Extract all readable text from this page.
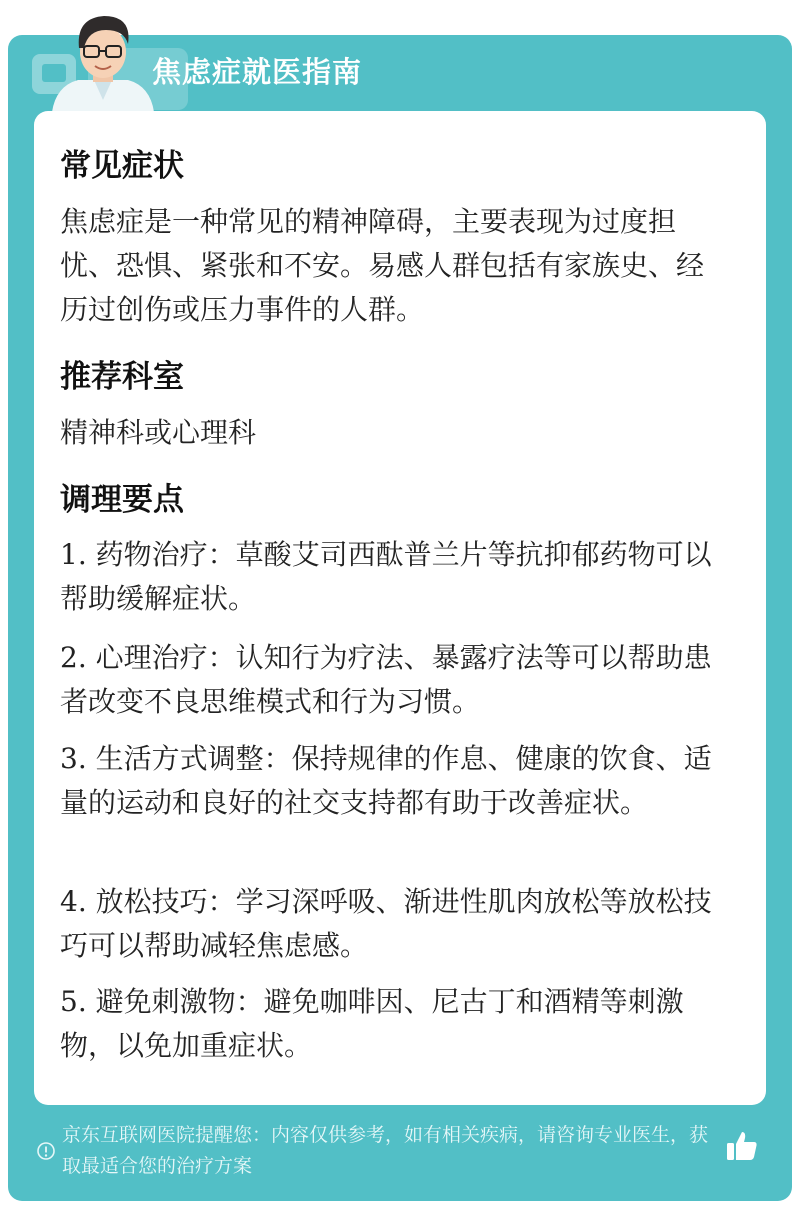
焦虑症就医指南
常见症状
焦虑症是一种常见的精神障碍，主要表现为过度担忧、恐惧、紧张和不安。易感人群包括有家族史、经历过创伤或压力事件的人群。
推荐科室
精神科或心理科
调理要点
1. 药物治疗：草酸艾司西酞普兰片等抗抑郁药物可以帮助缓解症状。
2. 心理治疗：认知行为疗法、暴露疗法等可以帮助患者改变不良思维模式和行为习惯。
3. 生活方式调整：保持规律的作息、健康的饮食、适量的运动和良好的社交支持都有助于改善症状。
4. 放松技巧：学习深呼吸、渐进性肌肉放松等放松技巧可以帮助减轻焦虑感。
5. 避免刺激物：避免咖啡因、尼古丁和酒精等刺激物，以免加重症状。
京东互联网医院提醒您：内容仅供参考，如有相关疾病，请咨询专业医生，获取最适合您的治疗方案
